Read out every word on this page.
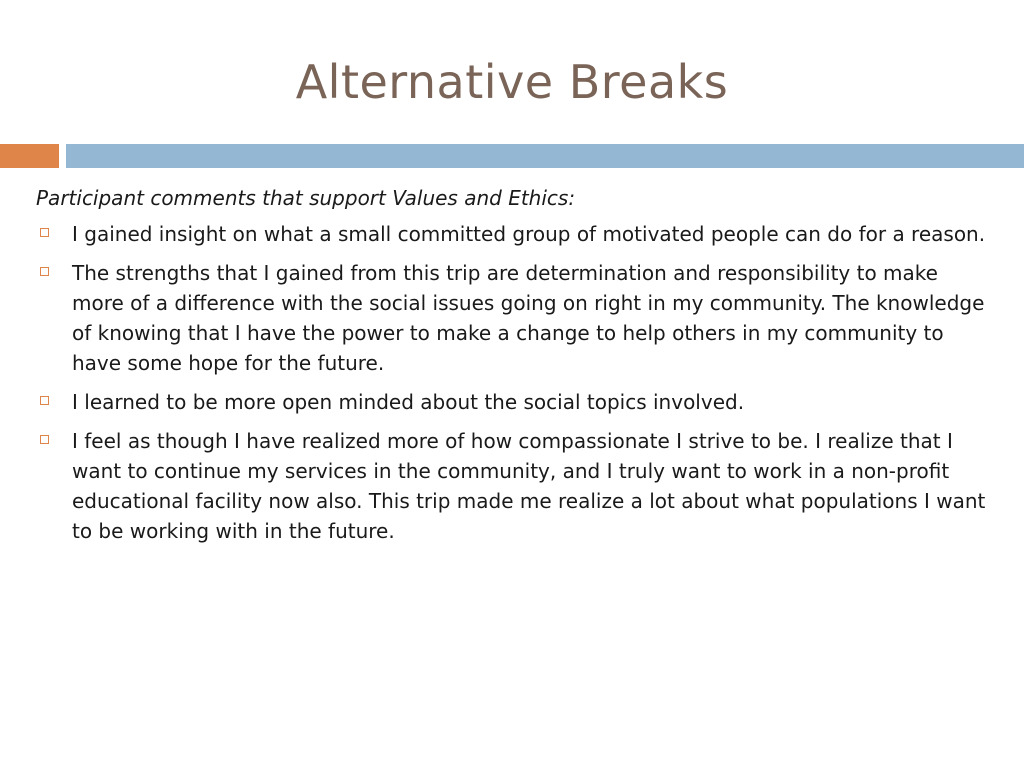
Alternative Breaks
Participant comments that support Values and Ethics:
I gained insight on what a small committed group of motivated people can do for a reason.
The strengths that I gained from this trip are determination and responsibility to make more of a difference with the social issues going on right in my community. The knowledge of knowing that I have the power to make a change to help others in my community to have some hope for the future.
I learned to be more open minded about the social topics involved.
I feel as though I have realized more of how compassionate I strive to be. I realize that I want to continue my services in the community, and I truly want to work in a non-profit educational facility now also. This trip made me realize a lot about what populations I want to be working with in the future.
